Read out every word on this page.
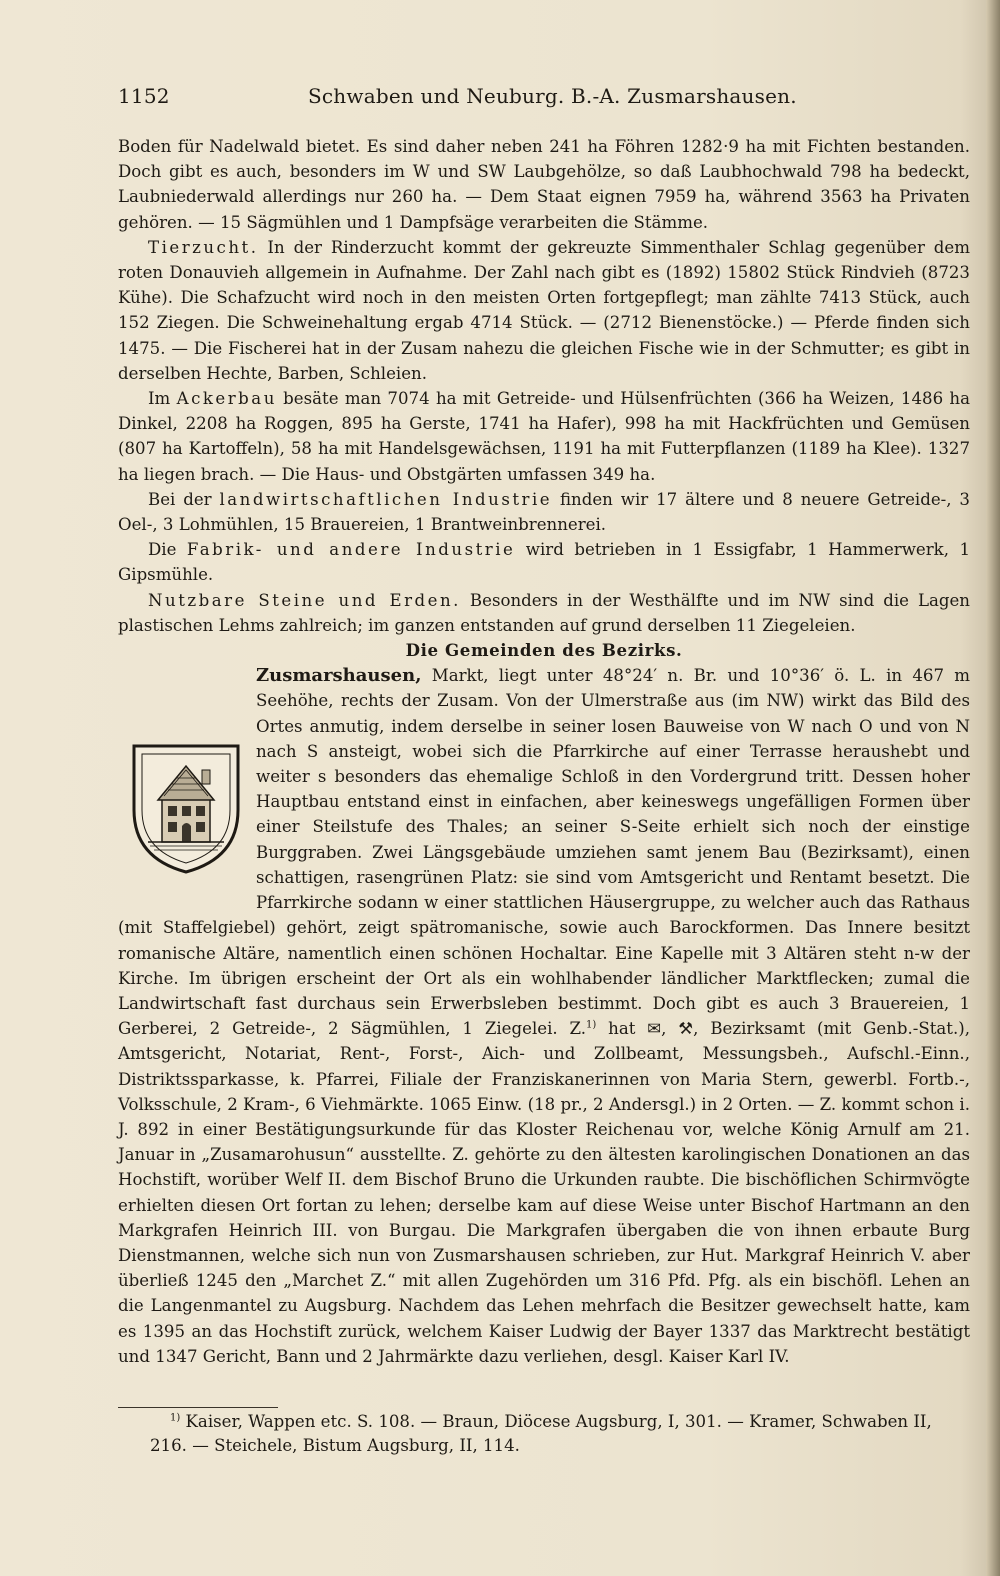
1152	Schwaben und Neuburg. B.-A. Zusmarshausen.

Boden für Nadelwald bietet. Es sind daher neben 241 ha Föhren 1282·9 ha mit Fichten bestanden. Doch gibt es auch, besonders im W und SW Laubgehölze, so daß Laubhochwald 798 ha bedeckt, Laubniederwald allerdings nur 260 ha. — Dem Staat eignen 7959 ha, während 3563 ha Privaten gehören. — 15 Sägmühlen und 1 Dampfsäge verarbeiten die Stämme.

Tierzucht. In der Rinderzucht kommt der gekreuzte Simmenthaler Schlag gegenüber dem roten Donauvieh allgemein in Aufnahme. Der Zahl nach gibt es (1892) 15802 Stück Rindvieh (8723 Kühe). Die Schafzucht wird noch in den meisten Orten fortgepflegt; man zählte 7413 Stück, auch 152 Ziegen. Die Schweinehaltung ergab 4714 Stück. — (2712 Bienenstöcke.) — Pferde finden sich 1475. — Die Fischerei hat in der Zusam nahezu die gleichen Fische wie in der Schmutter; es gibt in derselben Hechte, Barben, Schleien.

Im Ackerbau besäte man 7074 ha mit Getreide- und Hülsenfrüchten (366 ha Weizen, 1486 ha Dinkel, 2208 ha Roggen, 895 ha Gerste, 1741 ha Hafer), 998 ha mit Hackfrüchten und Gemüsen (807 ha Kartoffeln), 58 ha mit Handelsgewächsen, 1191 ha mit Futterpflanzen (1189 ha Klee). 1327 ha liegen brach. — Die Haus- und Obstgärten umfassen 349 ha.

Bei der landwirtschaftlichen Industrie finden wir 17 ältere und 8 neuere Getreide-, 3 Oel-, 3 Lohmühlen, 15 Brauereien, 1 Brantweinbrennerei.

Die Fabrik- und andere Industrie wird betrieben in 1 Essigfabr, 1 Hammerwerk, 1 Gipsmühle.

Nutzbare Steine und Erden. Besonders in der Westhälfte und im NW sind die Lagen plastischen Lehms zahlreich; im ganzen entstanden auf grund derselben 11 Ziegeleien.

Die Gemeinden des Bezirks.

Zusmarshausen, Markt, liegt unter 48°24′ n. Br. und 10°36′ ö. L. in 467 m Seehöhe, rechts der Zusam. Von der Ulmerstraße aus (im NW) wirkt das Bild des Ortes anmutig, indem derselbe in seiner losen Bauweise von W nach O und von N nach S ansteigt, wobei sich die Pfarrkirche auf einer Terrasse heraushebt und weiter s besonders das ehemalige Schloß in den Vordergrund tritt. Dessen hoher Hauptbau entstand einst in einfachen, aber keineswegs ungefälligen Formen über einer Steilstufe des Thales; an seiner S-Seite erhielt sich noch der einstige Burggraben. Zwei Längsgebäude umziehen samt jenem Bau (Bezirksamt), einen schattigen, rasengrünen Platz: sie sind vom Amtsgericht und Rentamt besetzt. Die Pfarrkirche sodann w einer stattlichen Häusergruppe, zu welcher auch das Rathaus (mit Staffelgiebel) gehört, zeigt spätromanische, sowie auch Barockformen. Das Innere besitzt romanische Altäre, namentlich einen schönen Hochaltar. Eine Kapelle mit 3 Altären steht n-w der Kirche. Im übrigen erscheint der Ort als ein wohlhabender ländlicher Marktflecken; zumal die Landwirtschaft fast durchaus sein Erwerbsleben bestimmt. Doch gibt es auch 3 Brauereien, 1 Gerberei, 2 Getreide-, 2 Sägmühlen, 1 Ziegelei. Z.$^{1)}$ hat ✉, ⚒, Bezirksamt (mit Genb.-Stat.), Amtsgericht, Notariat, Rent-, Forst-, Aich- und Zollbeamt, Messungsbeh., Aufschl.-Einn., Distriktssparkasse, k. Pfarrei, Filiale der Franziskanerinnen von Maria Stern, gewerbl. Fortb.-, Volksschule, 2 Kram-, 6 Viehmärkte. 1065 Einw. (18 pr., 2 Andersgl.) in 2 Orten. — Z. kommt schon i. J. 892 in einer Bestätigungsurkunde für das Kloster Reichenau vor, welche König Arnulf am 21. Januar in „Zusamarohusun“ ausstellte. Z. gehörte zu den ältesten karolingischen Donationen an das Hochstift, worüber Welf II. dem Bischof Bruno die Urkunden raubte. Die bischöflichen Schirmvögte erhielten diesen Ort fortan zu lehen; derselbe kam auf diese Weise unter Bischof Hartmann an den Markgrafen Heinrich III. von Burgau. Die Markgrafen übergaben die von ihnen erbaute Burg Dienstmannen, welche sich nun von Zusmarshausen schrieben, zur Hut. Markgraf Heinrich V. aber überließ 1245 den „Marchet Z.“ mit allen Zugehörden um 316 Pfd. Pfg. als ein bischöfl. Lehen an die Langenmantel zu Augsburg. Nachdem das Lehen mehrfach die Besitzer gewechselt hatte, kam es 1395 an das Hochstift zurück, welchem Kaiser Ludwig der Bayer 1337 das Marktrecht bestätigt und 1347 Gericht, Bann und 2 Jahrmärkte dazu verliehen, desgl. Kaiser Karl IV.

$^{1)}$ Kaiser, Wappen etc. S. 108. — Braun, Diöcese Augsburg, I, 301. — Kramer, Schwaben II, 216. — Steichele, Bistum Augsburg, II, 114.
